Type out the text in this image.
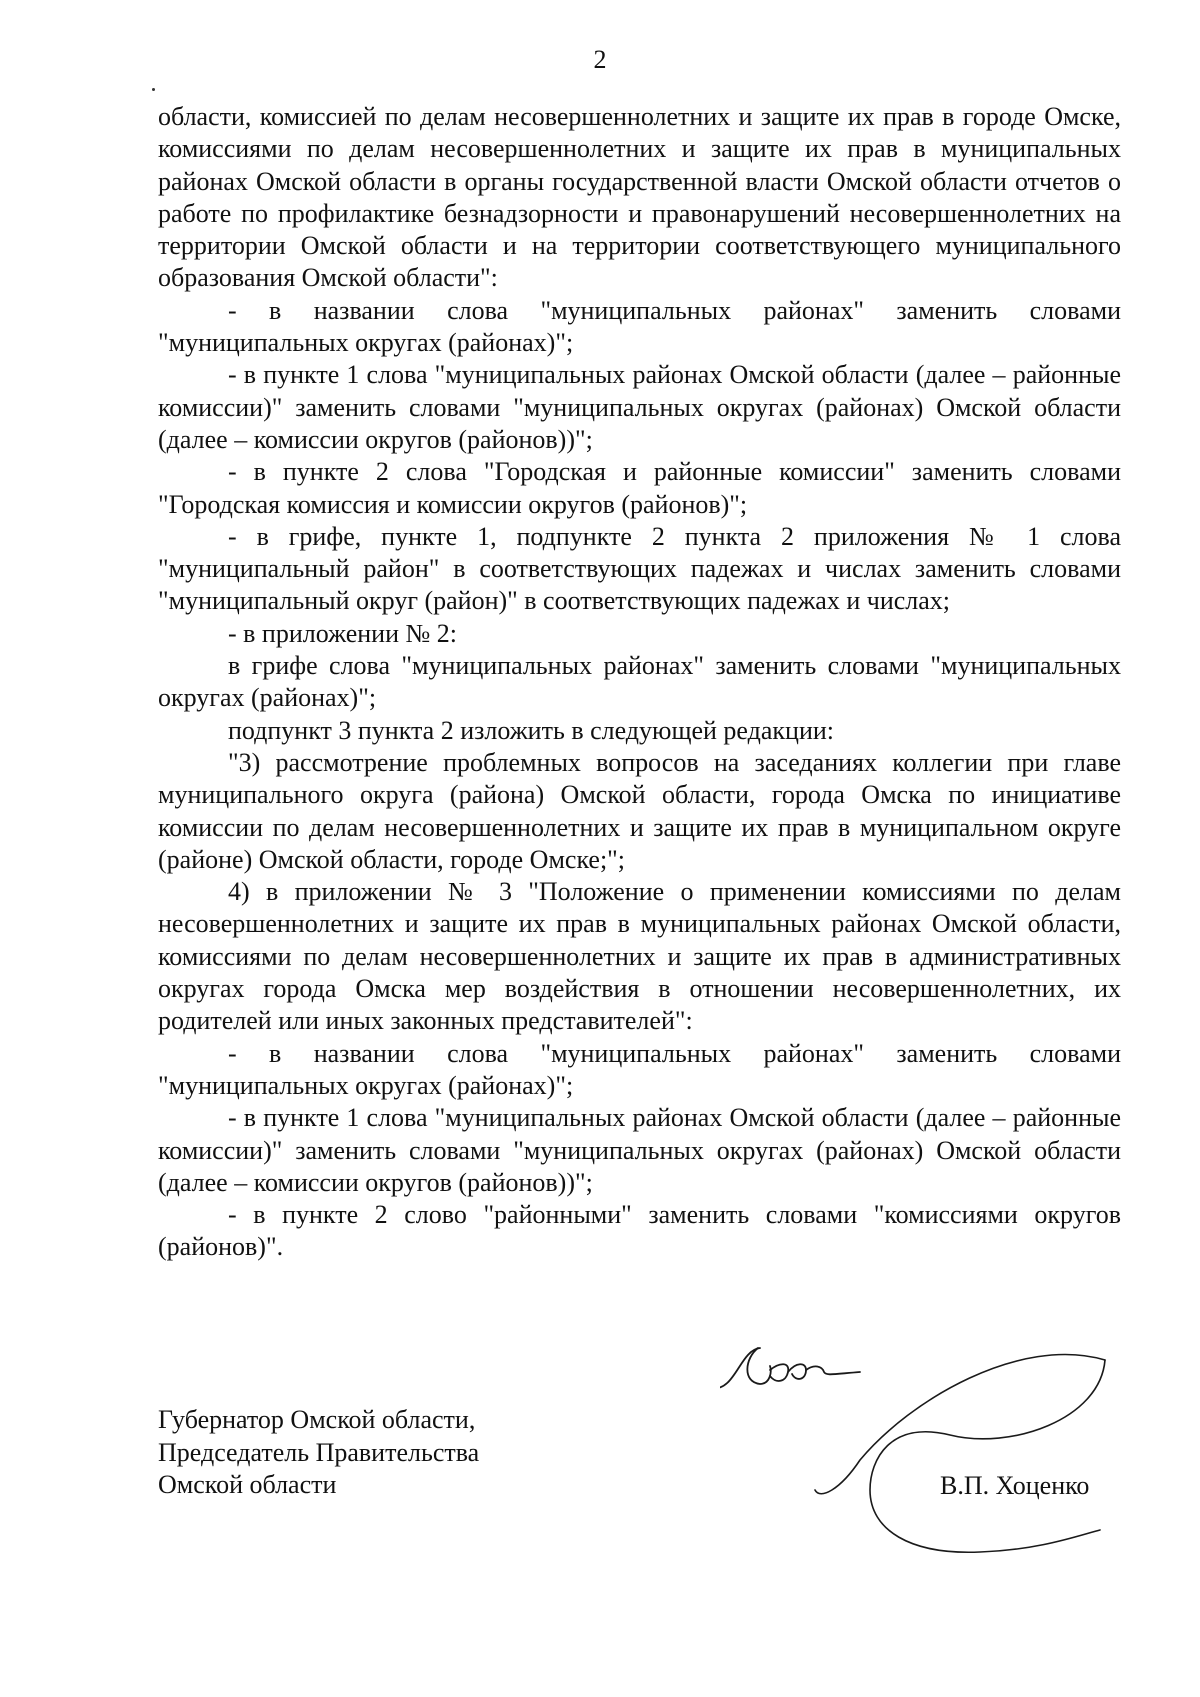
2

области, комиссией по делам несовершеннолетних и защите их прав в городе Омске, комиссиями по делам несовершеннолетних и защите их прав в муниципальных районах Омской области в органы государственной власти Омской области отчетов о работе по профилактике безнадзорности и правонарушений несовершеннолетних на территории Омской области и на территории соответствующего муниципального образования Омской области":

- в названии слова "муниципальных районах" заменить словами "муниципальных округах (районах)";

- в пункте 1 слова "муниципальных районах Омской области (далее – районные комиссии)" заменить словами "муниципальных округах (районах) Омской области (далее – комиссии округов (районов))";

- в пункте 2 слова "Городская и районные комиссии" заменить словами "Городская комиссия и комиссии округов (районов)";

- в грифе, пункте 1, подпункте 2 пункта 2 приложения № 1 слова "муниципальный район" в соответствующих падежах и числах заменить словами "муниципальный округ (район)" в соответствующих падежах и числах;

- в приложении № 2:

в грифе слова "муниципальных районах" заменить словами "муниципальных округах (районах)";

подпункт 3 пункта 2 изложить в следующей редакции:

"3) рассмотрение проблемных вопросов на заседаниях коллегии при главе муниципального округа (района) Омской области, города Омска по инициативе комиссии по делам несовершеннолетних и защите их прав в муниципальном округе (районе) Омской области, городе Омске;";

4) в приложении № 3 "Положение о применении комиссиями по делам несовершеннолетних и защите их прав в муниципальных районах Омской области, комиссиями по делам несовершеннолетних и защите их прав в административных округах города Омска мер воздействия в отношении несовершеннолетних, их родителей или иных законных представителей":

- в названии слова "муниципальных районах" заменить словами "муниципальных округах (районах)";

- в пункте 1 слова "муниципальных районах Омской области (далее – районные комиссии)" заменить словами "муниципальных округах (районах) Омской области (далее – комиссии округов (районов))";

- в пункте 2 слово "районными" заменить словами "комиссиями округов (районов)".

Губернатор Омской области,
Председатель Правительства
Омской области	В.П. Хоценко
